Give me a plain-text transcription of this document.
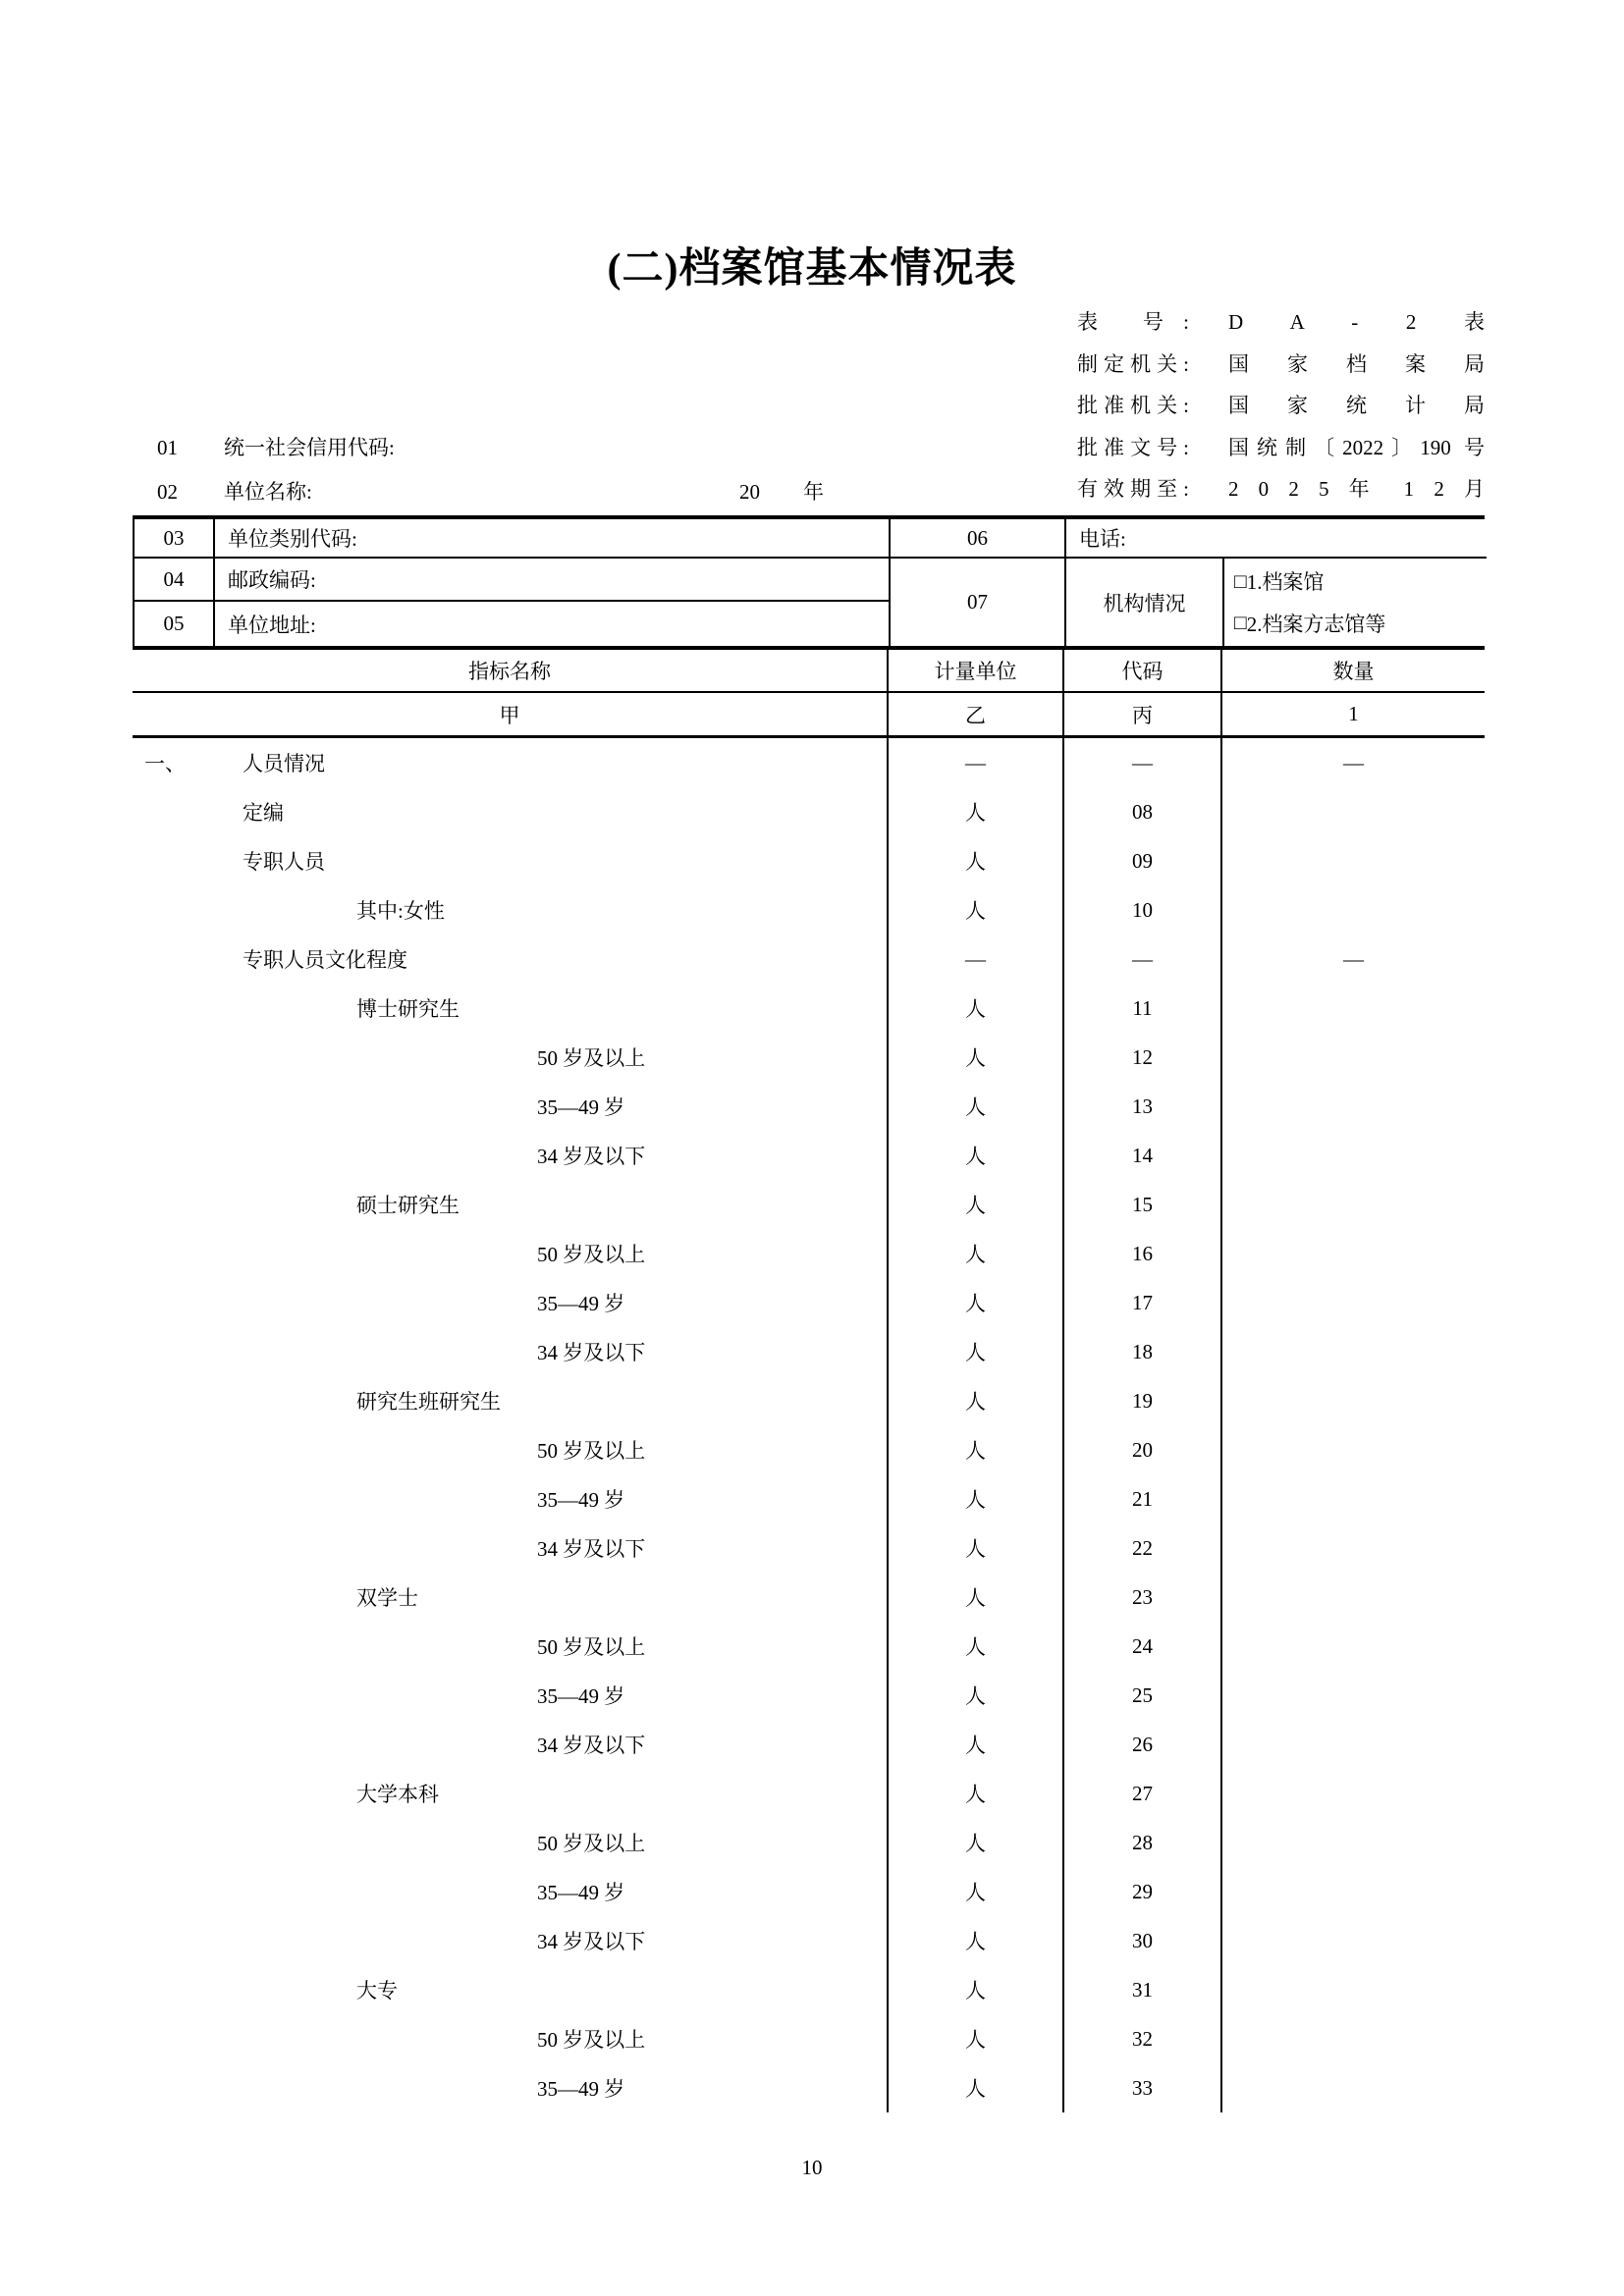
(二)档案馆基本情况表
表 号: D A - 2 表
制定机关: 国 家 档 案 局
批准机关: 国 家 统 计 局
批准文号: 国统制〔2022〕190 号
有效期至: 2 0 2 5 年 1 2 月
01 统一社会信用代码:
02 单位名称:	20 年
03	单位类别代码:	06	电话:
04	邮政编码:
05	单位地址:
07	机构情况
□ 1.档案馆
□ 2.档案方志馆等
指标名称	计量单位	代码	数量
甲	乙	丙	1
一、	人员情况	—	—	—
定编	人	08
专职人员	人	09
其中:女性	人	10
专职人员文化程度	—	—	—
博士研究生	人	11
50 岁及以上	人	12
35—49 岁	人	13
34 岁及以下	人	14
硕士研究生	人	15
50 岁及以上	人	16
35—49 岁	人	17
34 岁及以下	人	18
研究生班研究生	人	19
50 岁及以上	人	20
35—49 岁	人	21
34 岁及以下	人	22
双学士	人	23
50 岁及以上	人	24
35—49 岁	人	25
34 岁及以下	人	26
大学本科	人	27
50 岁及以上	人	28
35—49 岁	人	29
34 岁及以下	人	30
大专	人	31
50 岁及以上	人	32
35—49 岁	人	33
10
